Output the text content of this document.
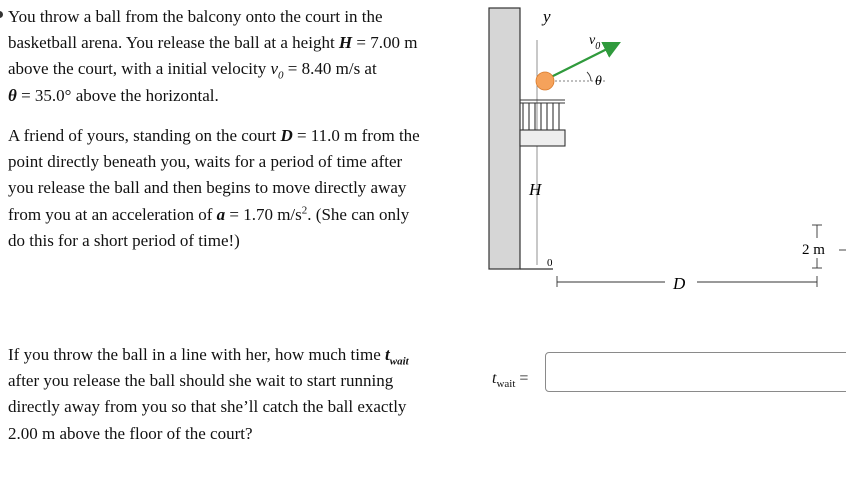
You throw a ball from the balcony onto the court in the

basketball arena. You release the ball at a height H = 7.00 m

above the court, with a initial velocity $v_0 = 8.40$ m/s at

θ = 35.0° above the horizontal.

A friend of yours, standing on the court D = 11.0 m from the

point directly beneath you, waits for a period of time after

you release the ball and then begins to move directly away

from you at an acceleration of a = 1.70 $m/s^2$. (She can only

do this for a short period of time!)

If you throw the ball in a line with her, how much time $t_{wait}$

after you release the ball should she wait to start running

directly away from you so that she’ll catch the ball exactly

2.00 m above the floor of the court?

y
θ
$v_0$
H
0
D
2 m
$t_{wait}$ =
